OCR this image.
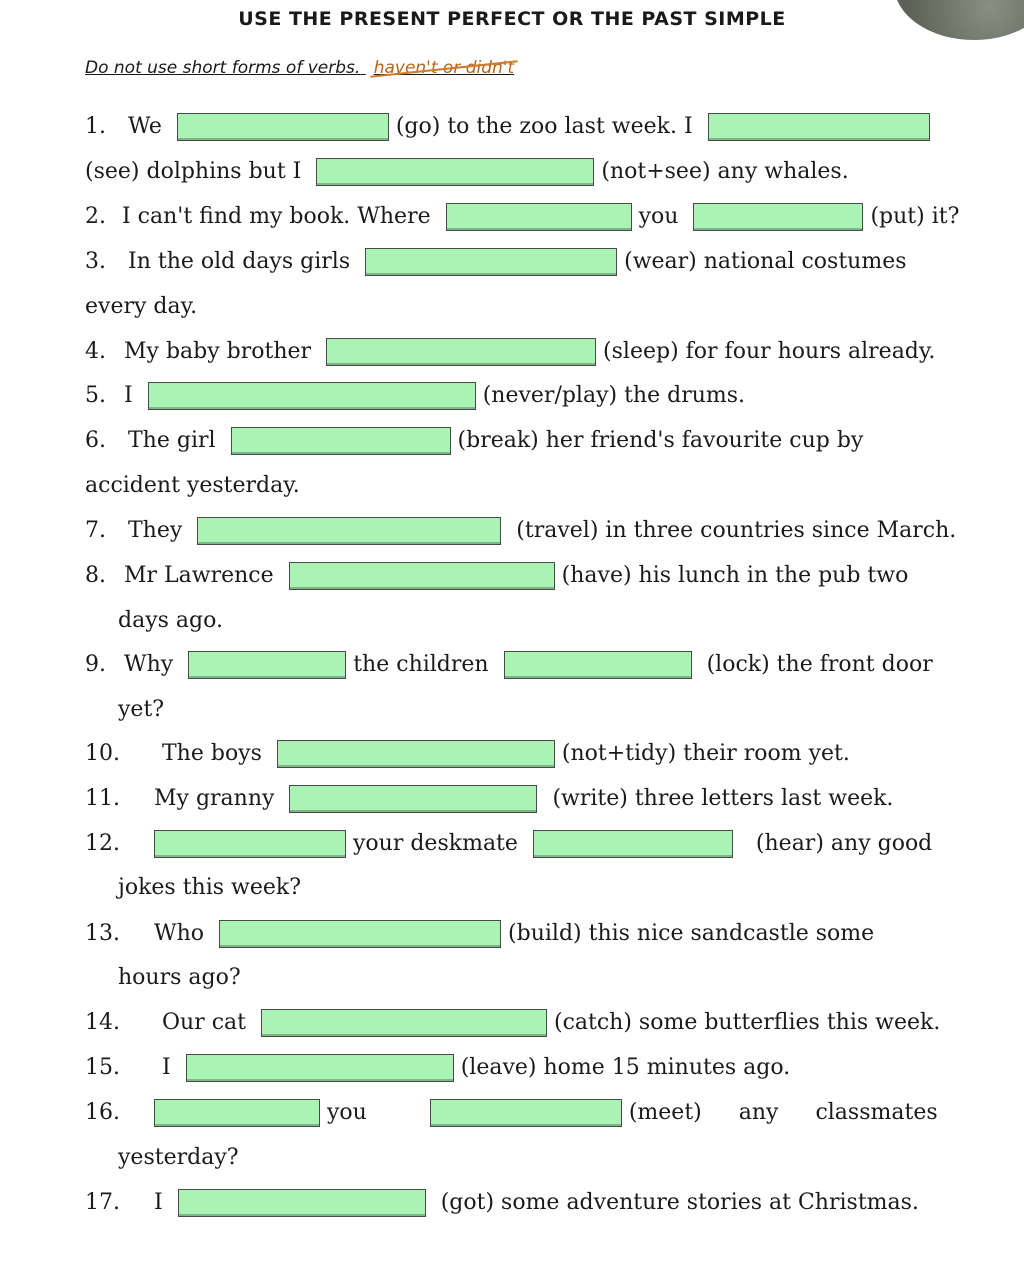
USE THE PRESENT PERFECT OR THE PAST SIMPLE
Do not use short forms of verbs. haven't or didn't
1. We	(go) to the zoo last week. I
(see) dolphins but I	(not+see) any whales.
2. I can't find my book. Where	you	(put) it?
3. In the old days girls	(wear) national costumes
every day.
4. My baby brother	(sleep) for four hours already.
5. I	(never/play) the drums.
6. The girl	(break) her friend's favourite cup by
accident yesterday.
7. They	(travel) in three countries since March.
8. Mr Lawrence	(have) his lunch in the pub two
days ago.
9. Why	the children	(lock) the front door
yet?
10. The boys	(not+tidy) their room yet.
11. My granny	(write) three letters last week.
12.	your deskmate	(hear) any good
jokes this week?
13. Who	(build) this nice sandcastle some
hours ago?
14. Our cat	(catch) some butterflies this week.
15. I	(leave) home 15 minutes ago.
16.	you	(meet) any classmates
yesterday?
17. I	(got) some adventure stories at Christmas.
